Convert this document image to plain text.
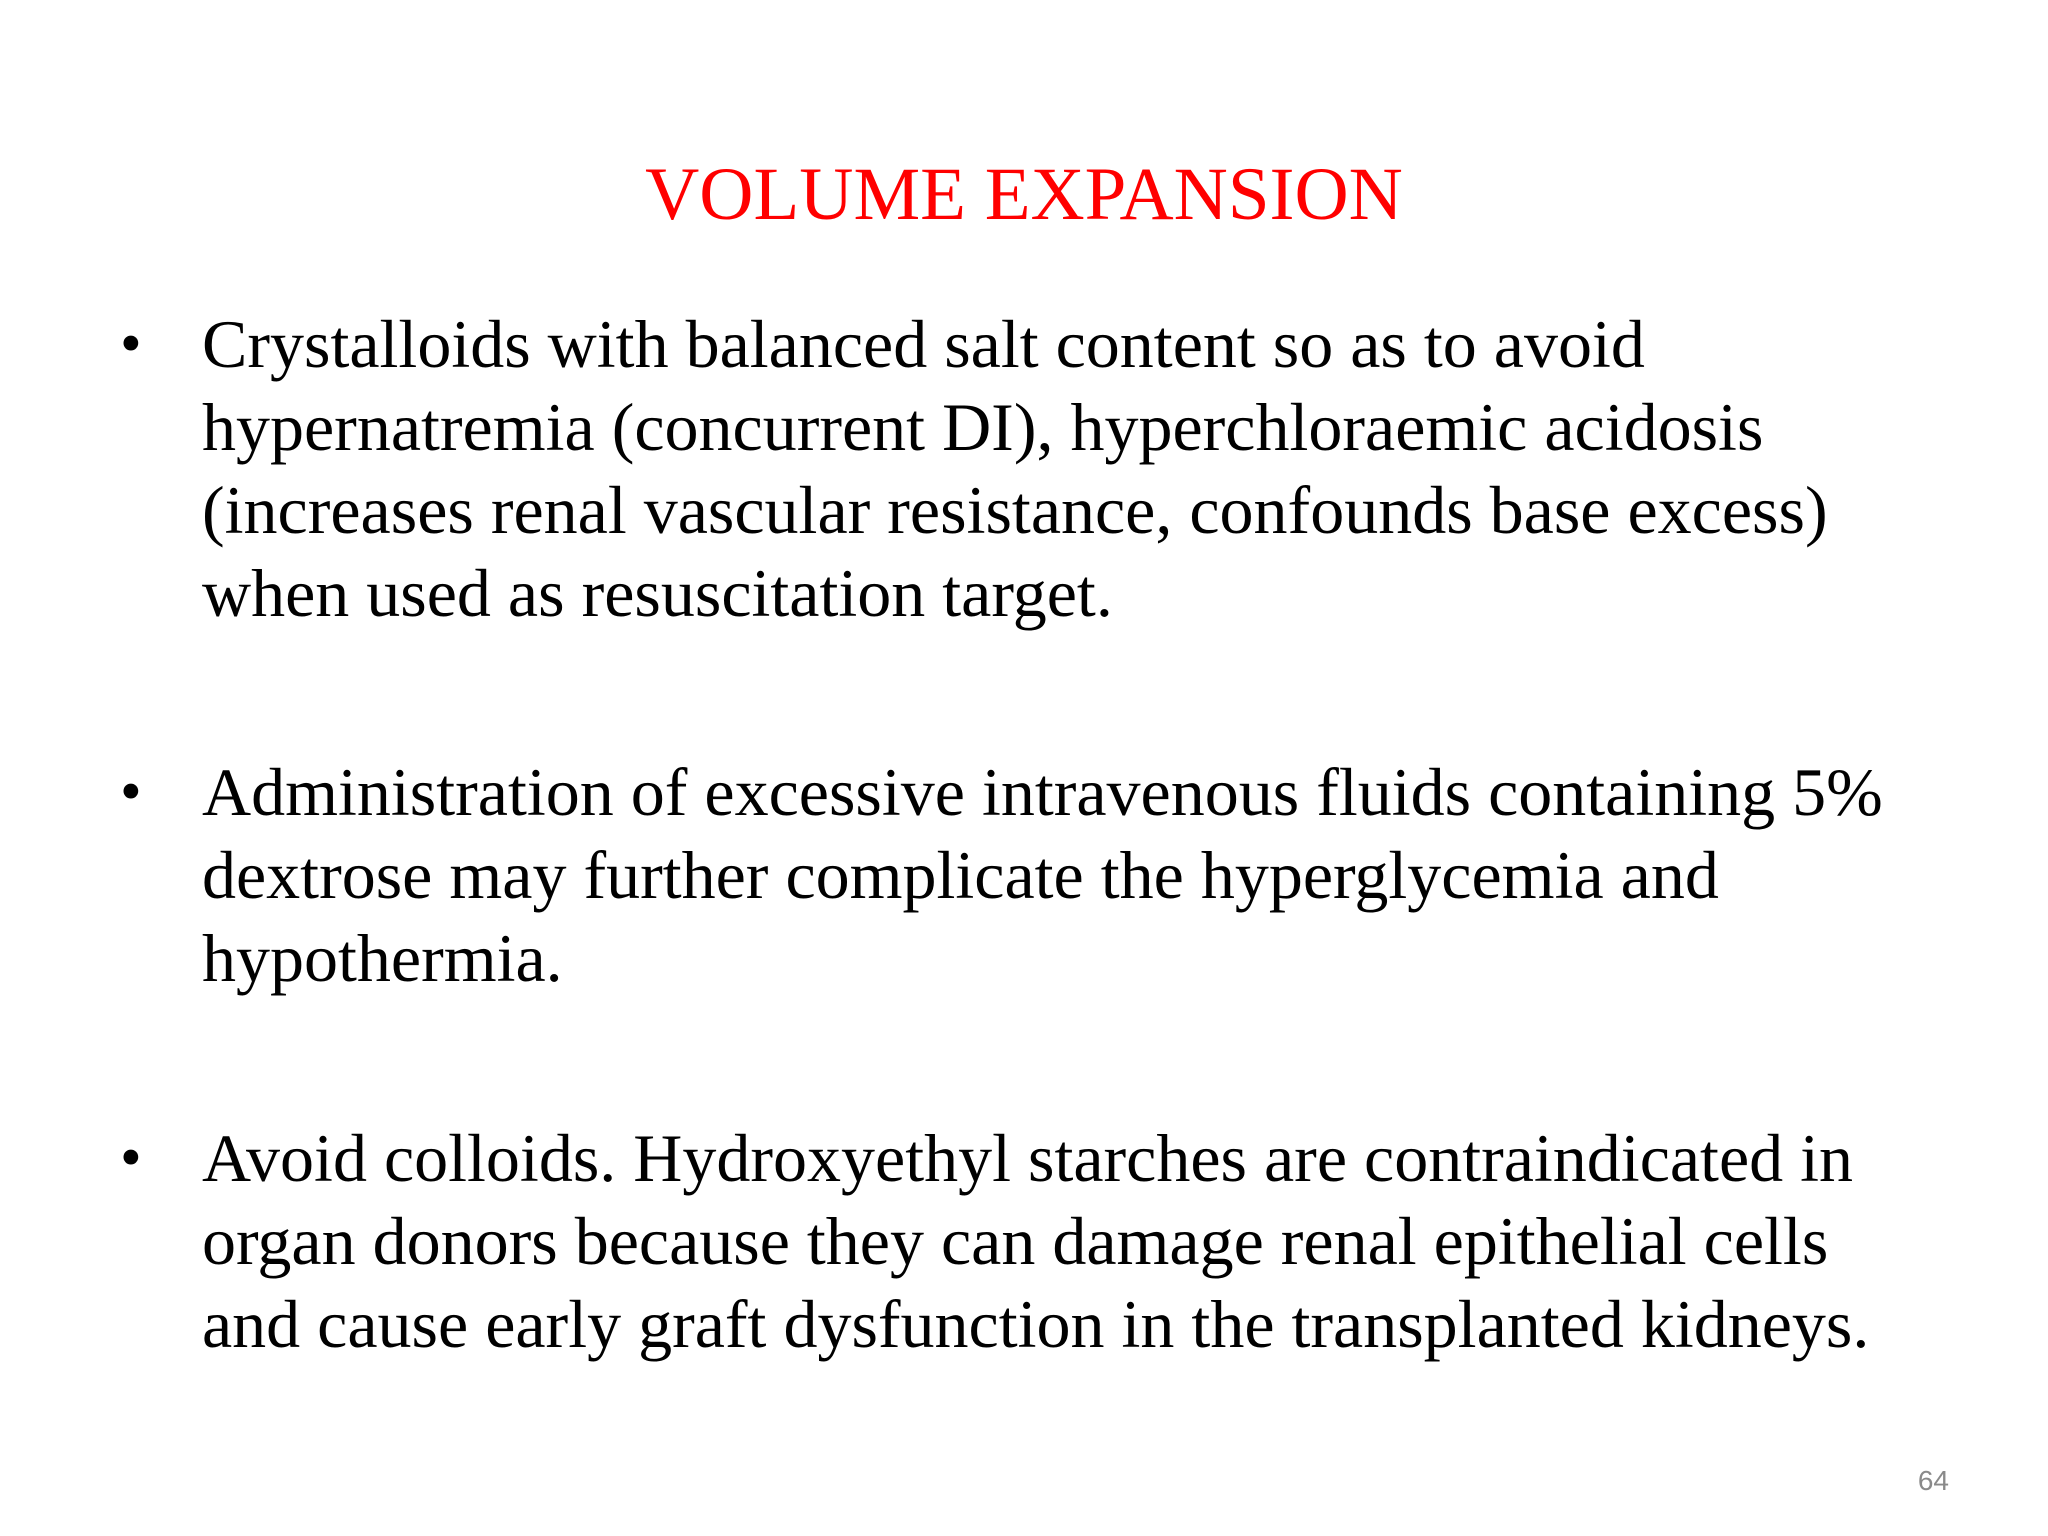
VOLUME EXPANSION
• Crystalloids with balanced salt content so as to avoid
hypernatremia (concurrent DI), hyperchloraemic acidosis
(increases renal vascular resistance, confounds base excess)
when used as resuscitation target.
• Administration of excessive intravenous fluids containing 5%
dextrose may further complicate the hyperglycemia and
hypothermia.
• Avoid colloids. Hydroxyethyl starches are contraindicated in
organ donors because they can damage renal epithelial cells
and cause early graft dysfunction in the transplanted kidneys.
64
